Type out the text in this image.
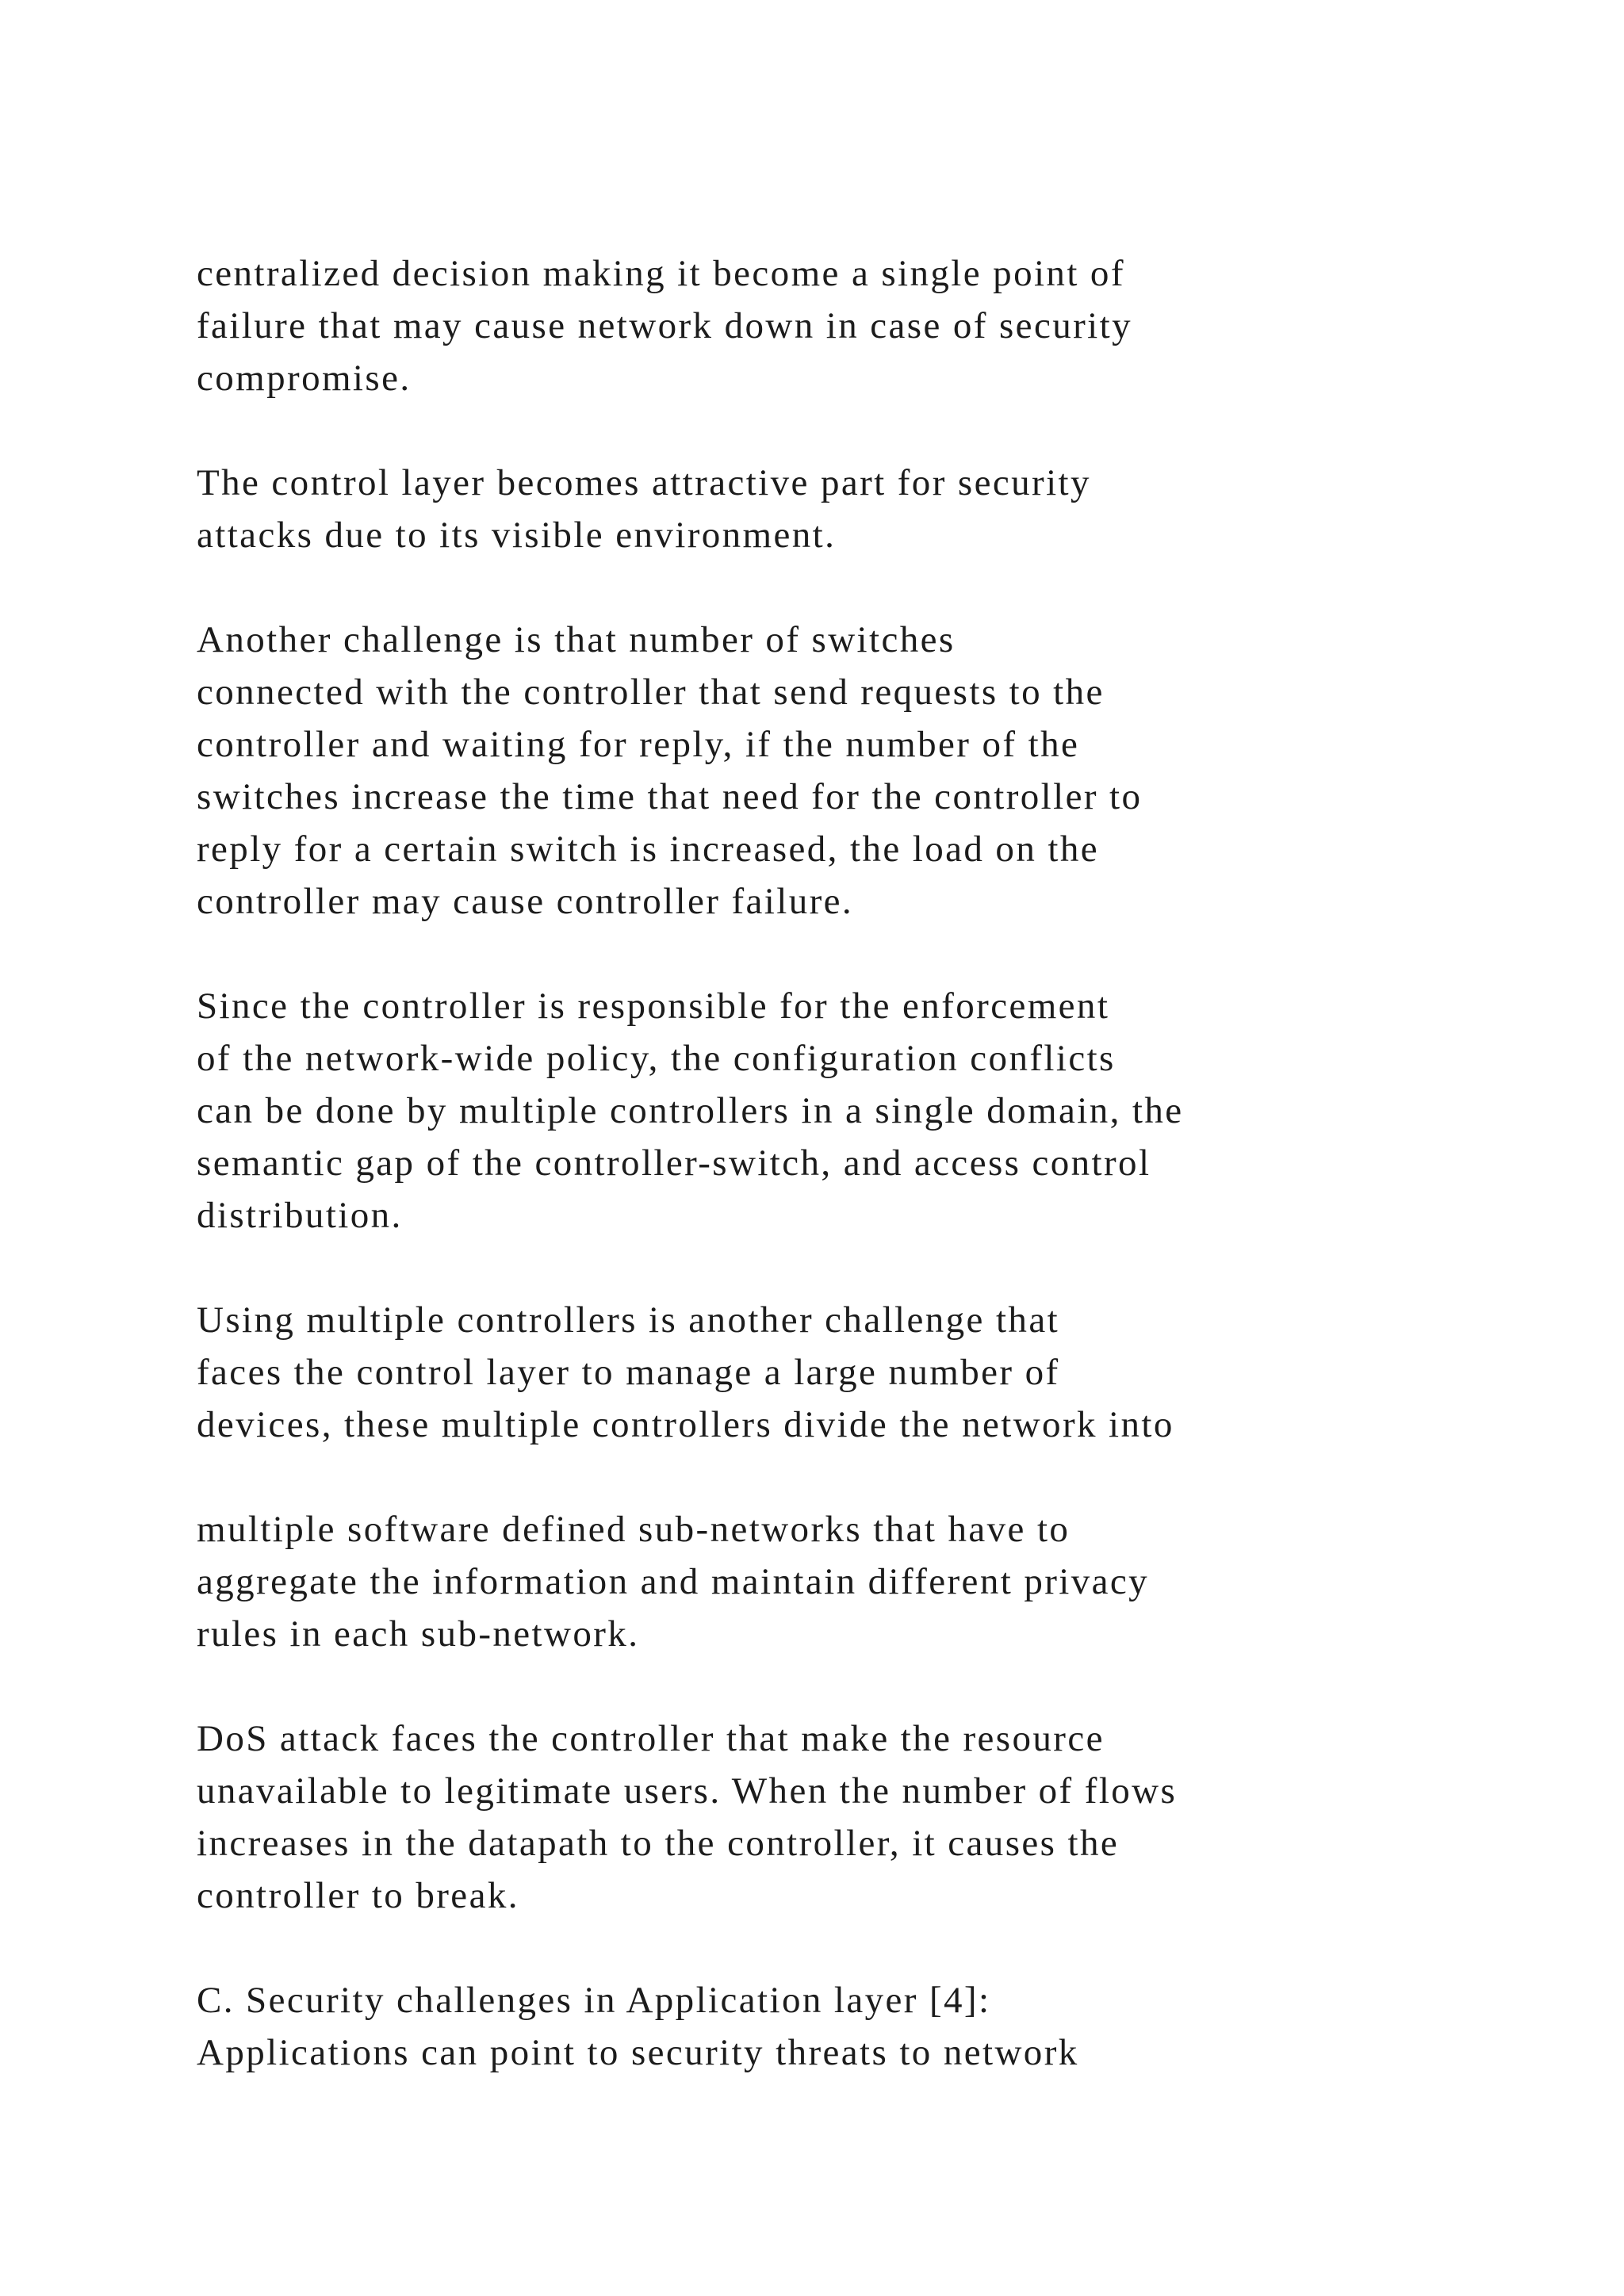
centralized decision making it become a single point of
failure that may cause network down in case of security
compromise.
The control layer becomes attractive part for security
attacks due to its visible environment.
Another challenge is that number of switches
connected with the controller that send requests to the
controller and waiting for reply, if the number of the
switches increase the time that need for the controller to
reply for a certain switch is increased, the load on the
controller may cause controller failure.
Since the controller is responsible for the enforcement
of the network-wide policy, the configuration conflicts
can be done by multiple controllers in a single domain, the
semantic gap of the controller-switch, and access control
distribution.
Using multiple controllers is another challenge that
faces the control layer to manage a large number of
devices, these multiple controllers divide the network into
multiple software defined sub-networks that have to
aggregate the information and maintain different privacy
rules in each sub-network.
DoS attack faces the controller that make the resource
unavailable to legitimate users. When the number of flows
increases in the datapath to the controller, it causes the
controller to break.
C. Security challenges in Application layer [4]:
Applications can point to security threats to network
